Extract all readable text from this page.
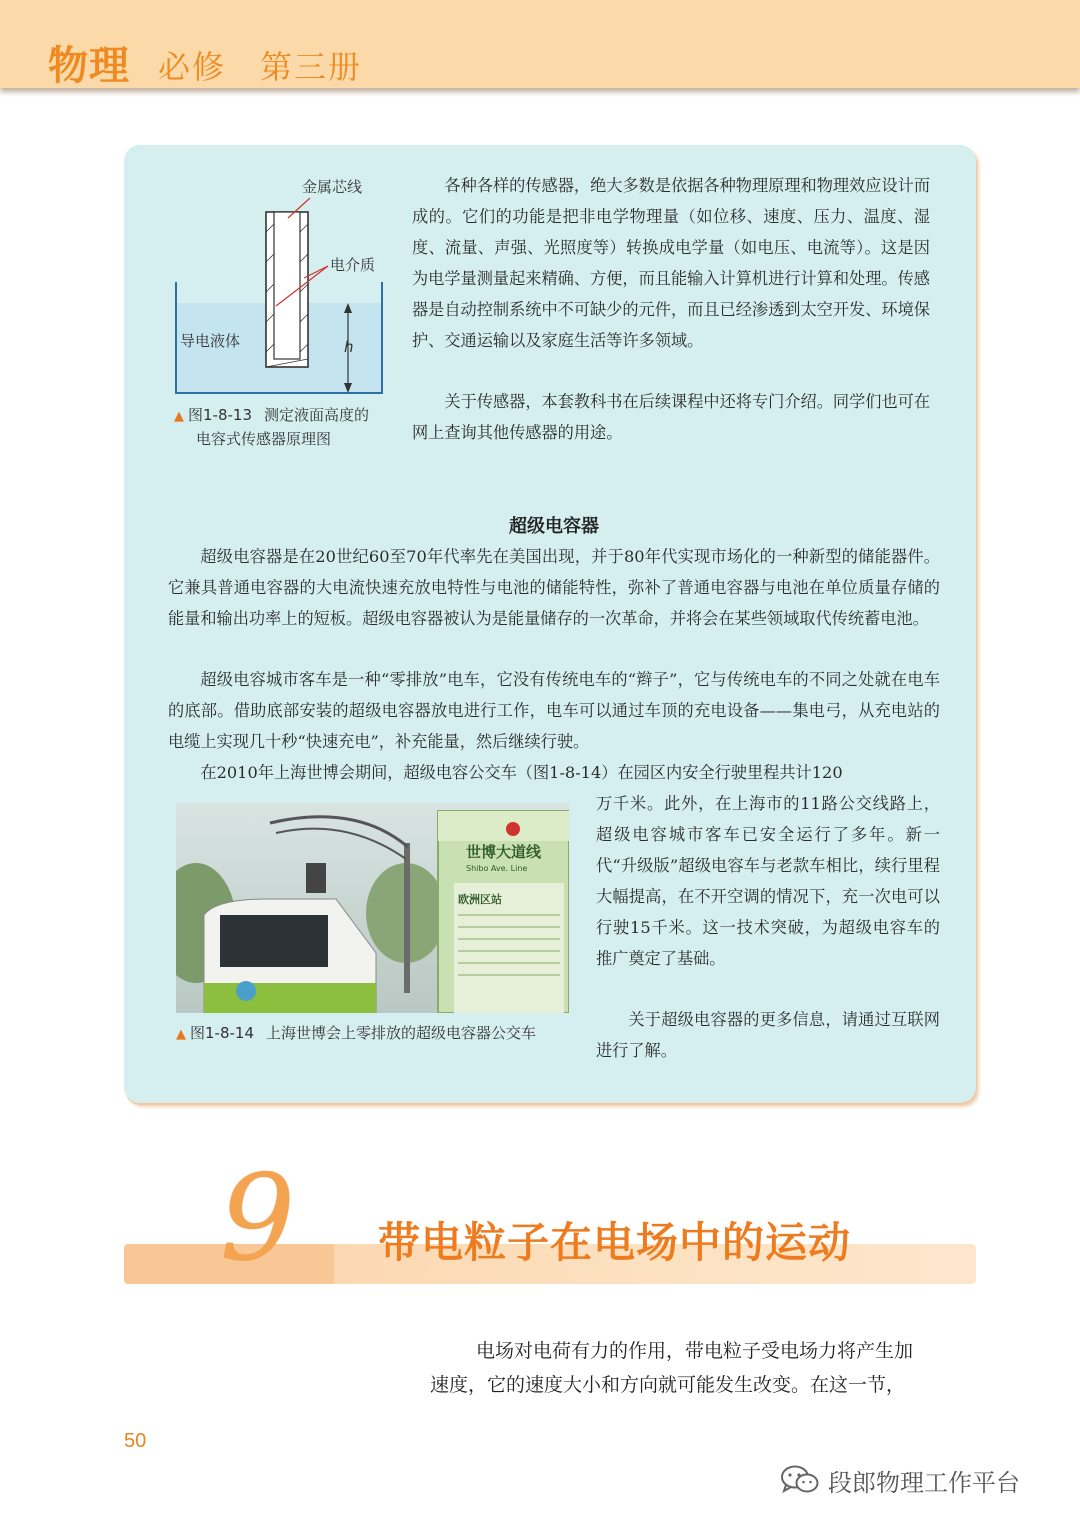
物理 必修　第三册
金属芯线
电介质
导电液体	h
▲ 图1-8-13 测定液面高度的
电容式传感器原理图

各种各样的传感器，绝大多数是依据各种物理原理和物理效应设计而成的。它们的功能是把非电学物理量（如位移、速度、压力、温度、湿度、流量、声强、光照度等）转换成电学量（如电压、电流等）。这是因为电学量测量起来精确、方便，而且能输入计算机进行计算和处理。传感器是自动控制系统中不可缺少的元件，而且已经渗透到太空开发、环境保护、交通运输以及家庭生活等许多领域。

关于传感器，本套教科书在后续课程中还将专门介绍。同学们也可在网上查询其他传感器的用途。

超级电容器

超级电容器是在20世纪60至70年代率先在美国出现，并于80年代实现市场化的一种新型的储能器件。它兼具普通电容器的大电流快速充放电特性与电池的储能特性，弥补了普通电容器与电池在单位质量存储的能量和输出功率上的短板。超级电容器被认为是能量储存的一次革命，并将会在某些领域取代传统蓄电池。

超级电容城市客车是一种“零排放”电车，它没有传统电车的“辫子”，它与传统电车的不同之处就在电车的底部。借助底部安装的超级电容器放电进行工作，电车可以通过车顶的充电设备——集电弓，从充电站的电缆上实现几十秒“快速充电”，补充能量，然后继续行驶。

在2010年上海世博会期间，超级电容公交车（图1-8-14）在园区内安全行驶里程共计120

万千米。此外，在上海市的11路公交线路上，超级电容城市客车已安全运行了多年。新一代“升级版”超级电容车与老款车相比，续行里程大幅提高，在不开空调的情况下，充一次电可以行驶15千米。这一技术突破，为超级电容车的推广奠定了基础。

关于超级电容器的更多信息，请通过互联网进行了解。

世博大道线
Shibo Ave. Line
欧洲区站
▲ 图1-8-14 上海世博会上零排放的超级电容器公交车
9	带电粒子在电场中的运动

电场对电荷有力的作用，带电粒子受电场力将产生加
速度，它的速度大小和方向就可能发生改变。在这一节，

50
段郎物理工作平台
